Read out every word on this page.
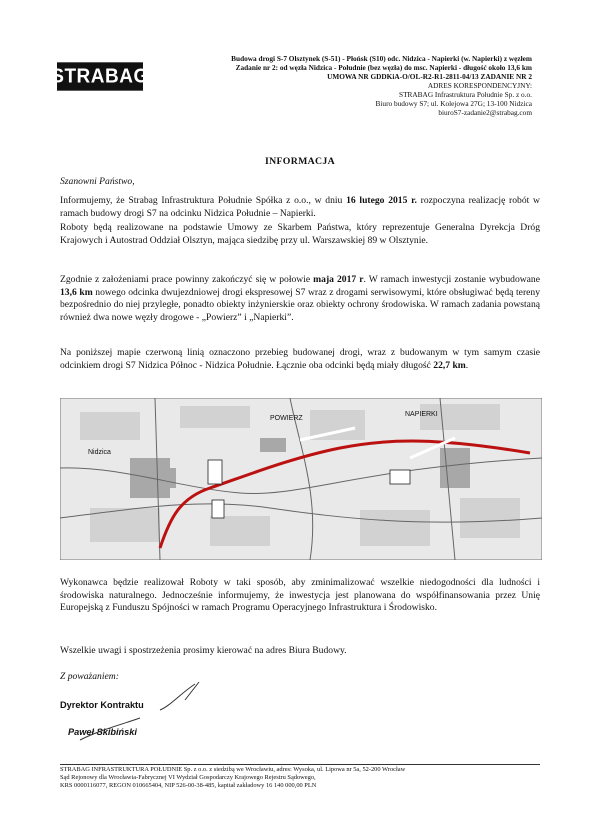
STRABAG
Budowa drogi S-7 Olsztynek (S-51) - Płońsk (S10) odc. Nidzica - Napierki (w. Napierki) z węzłem
Zadanie nr 2: od węzła Nidzica - Południe (bez węzła) do msc. Napierki - długość około 13,6 km
UMOWA NR GDDKiA-O/OL-R2-R1-2811-04/13 ZADANIE NR 2
ADRES KORESPONDENCYJNY:
STRABAG Infrastruktura Południe Sp. z o.o.
Biuro budowy S7; ul. Kolejowa 27G; 13-100 Nidzica
biuroS7-zadanie2@strabag.com
INFORMACJA
Szanowni Państwo,
Informujemy, że Strabag Infrastruktura Południe Spółka z o.o., w dniu 16 lutego 2015 r. rozpoczyna realizację robót w ramach budowy drogi S7 na odcinku Nidzica Południe – Napierki.
Roboty będą realizowane na podstawie Umowy ze Skarbem Państwa, który reprezentuje Generalna Dyrekcja Dróg Krajowych i Autostrad Oddział Olsztyn, mająca siedzibę przy ul. Warszawskiej 89 w Olsztynie.
Zgodnie z założeniami prace powinny zakończyć się w połowie maja 2017 r. W ramach inwestycji zostanie wybudowane 13,6 km nowego odcinka dwujezdniowej drogi ekspresowej S7 wraz z drogami serwisowymi, które obsługiwać będą tereny bezpośrednio do niej przyległe, ponadto obiekty inżynierskie oraz obiekty ochrony środowiska. W ramach zadania powstaną również dwa nowe węzły drogowe - „Powierz” i „Napierki”.
Na poniższej mapie czerwoną linią oznaczono przebieg budowanej drogi, wraz z budowanym w tym samym czasie odcinkiem drogi S7 Nidzica Północ - Nidzica Południe. Łącznie oba odcinki będą miały długość 22,7 km.
Nidzica
POWIERZ
NAPIERKI
Wykonawca będzie realizował Roboty w taki sposób, aby zminimalizować wszelkie niedogodności dla ludności i środowiska naturalnego. Jednocześnie informujemy, że inwestycja jest planowana do współfinansowania przez Unię Europejską z Funduszu Spójności w ramach Programu Operacyjnego Infrastruktura i Środowisko.
Wszelkie uwagi i spostrzeżenia prosimy kierować na adres Biura Budowy.
Z poważaniem:
Dyrektor Kontraktu
Paweł Skibiński
STRABAG INFRASTRUKTURA POŁUDNIE Sp. z o.o. z siedzibą we Wrocławiu, adres: Wysoka, ul. Lipowa nr 5a, 52-200 Wrocław
Sąd Rejonowy dla Wrocławia-Fabrycznej VI Wydział Gospodarczy Krajowego Rejestru Sądowego,
KRS 0000116077, REGON 010665404, NIP 526-00-38-485, kapitał zakładowy 16 140 000,00 PLN
